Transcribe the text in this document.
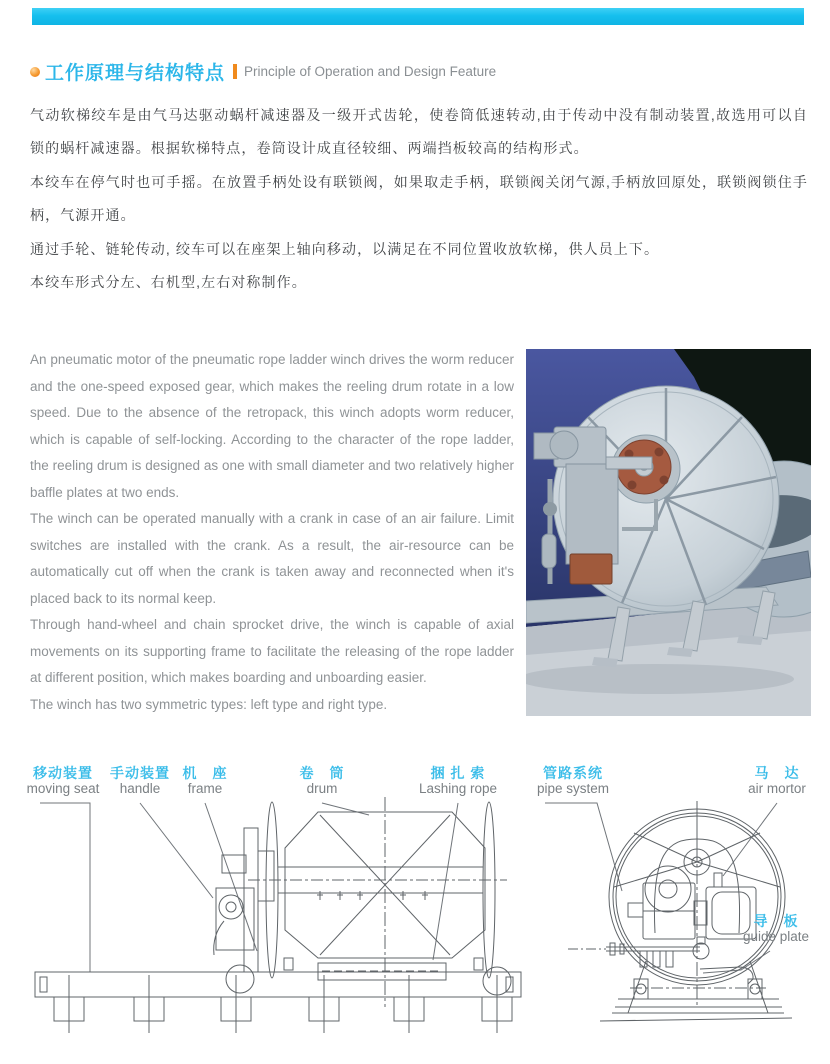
工作原理与结构特点 Principle of Operation and Design Feature

气动软梯绞车是由气马达驱动蜗杆减速器及一级开式齿轮，使卷筒低速转动,由于传动中没有制动装置,故选用可以自锁的蜗杆减速器。根据软梯特点，卷筒设计成直径较细、两端挡板较高的结构形式。

本绞车在停气时也可手摇。在放置手柄处设有联锁阀，如果取走手柄，联锁阀关闭气源,手柄放回原处，联锁阀锁住手柄，气源开通。

通过手轮、链轮传动, 绞车可以在座架上轴向移动，以满足在不同位置收放软梯，供人员上下。

本绞车形式分左、右机型,左右对称制作。

An pneumatic motor of the pneumatic rope ladder winch drives the worm reducer and the one-speed exposed gear, which makes the reeling drum rotate in a low speed. Due to the absence of the retropack, this winch adopts worm reducer, which is capable of self-locking. According to the character of the rope ladder, the reeling drum is designed as one with small diameter and two relatively higher baffle plates at two ends.

The winch can be operated manually with a crank in case of an air failure. Limit switches are installed with the crank. As a result, the air-resource can be automatically cut off when the crank is taken away and reconnected when it's placed back to its normal keep.

Through hand-wheel and chain sprocket drive, the winch is capable of axial movements on its supporting frame to facilitate the releasing of the rope ladder at different position, which makes boarding and unboarding easier.

The winch has two symmetric types: left type and right type.

移动装置
moving seat
手动装置
handle
机　座
frame
卷　筒
drum
捆 扎 索
Lashing rope
管路系统
pipe system
马　达
air mortor
导　板
guide plate
